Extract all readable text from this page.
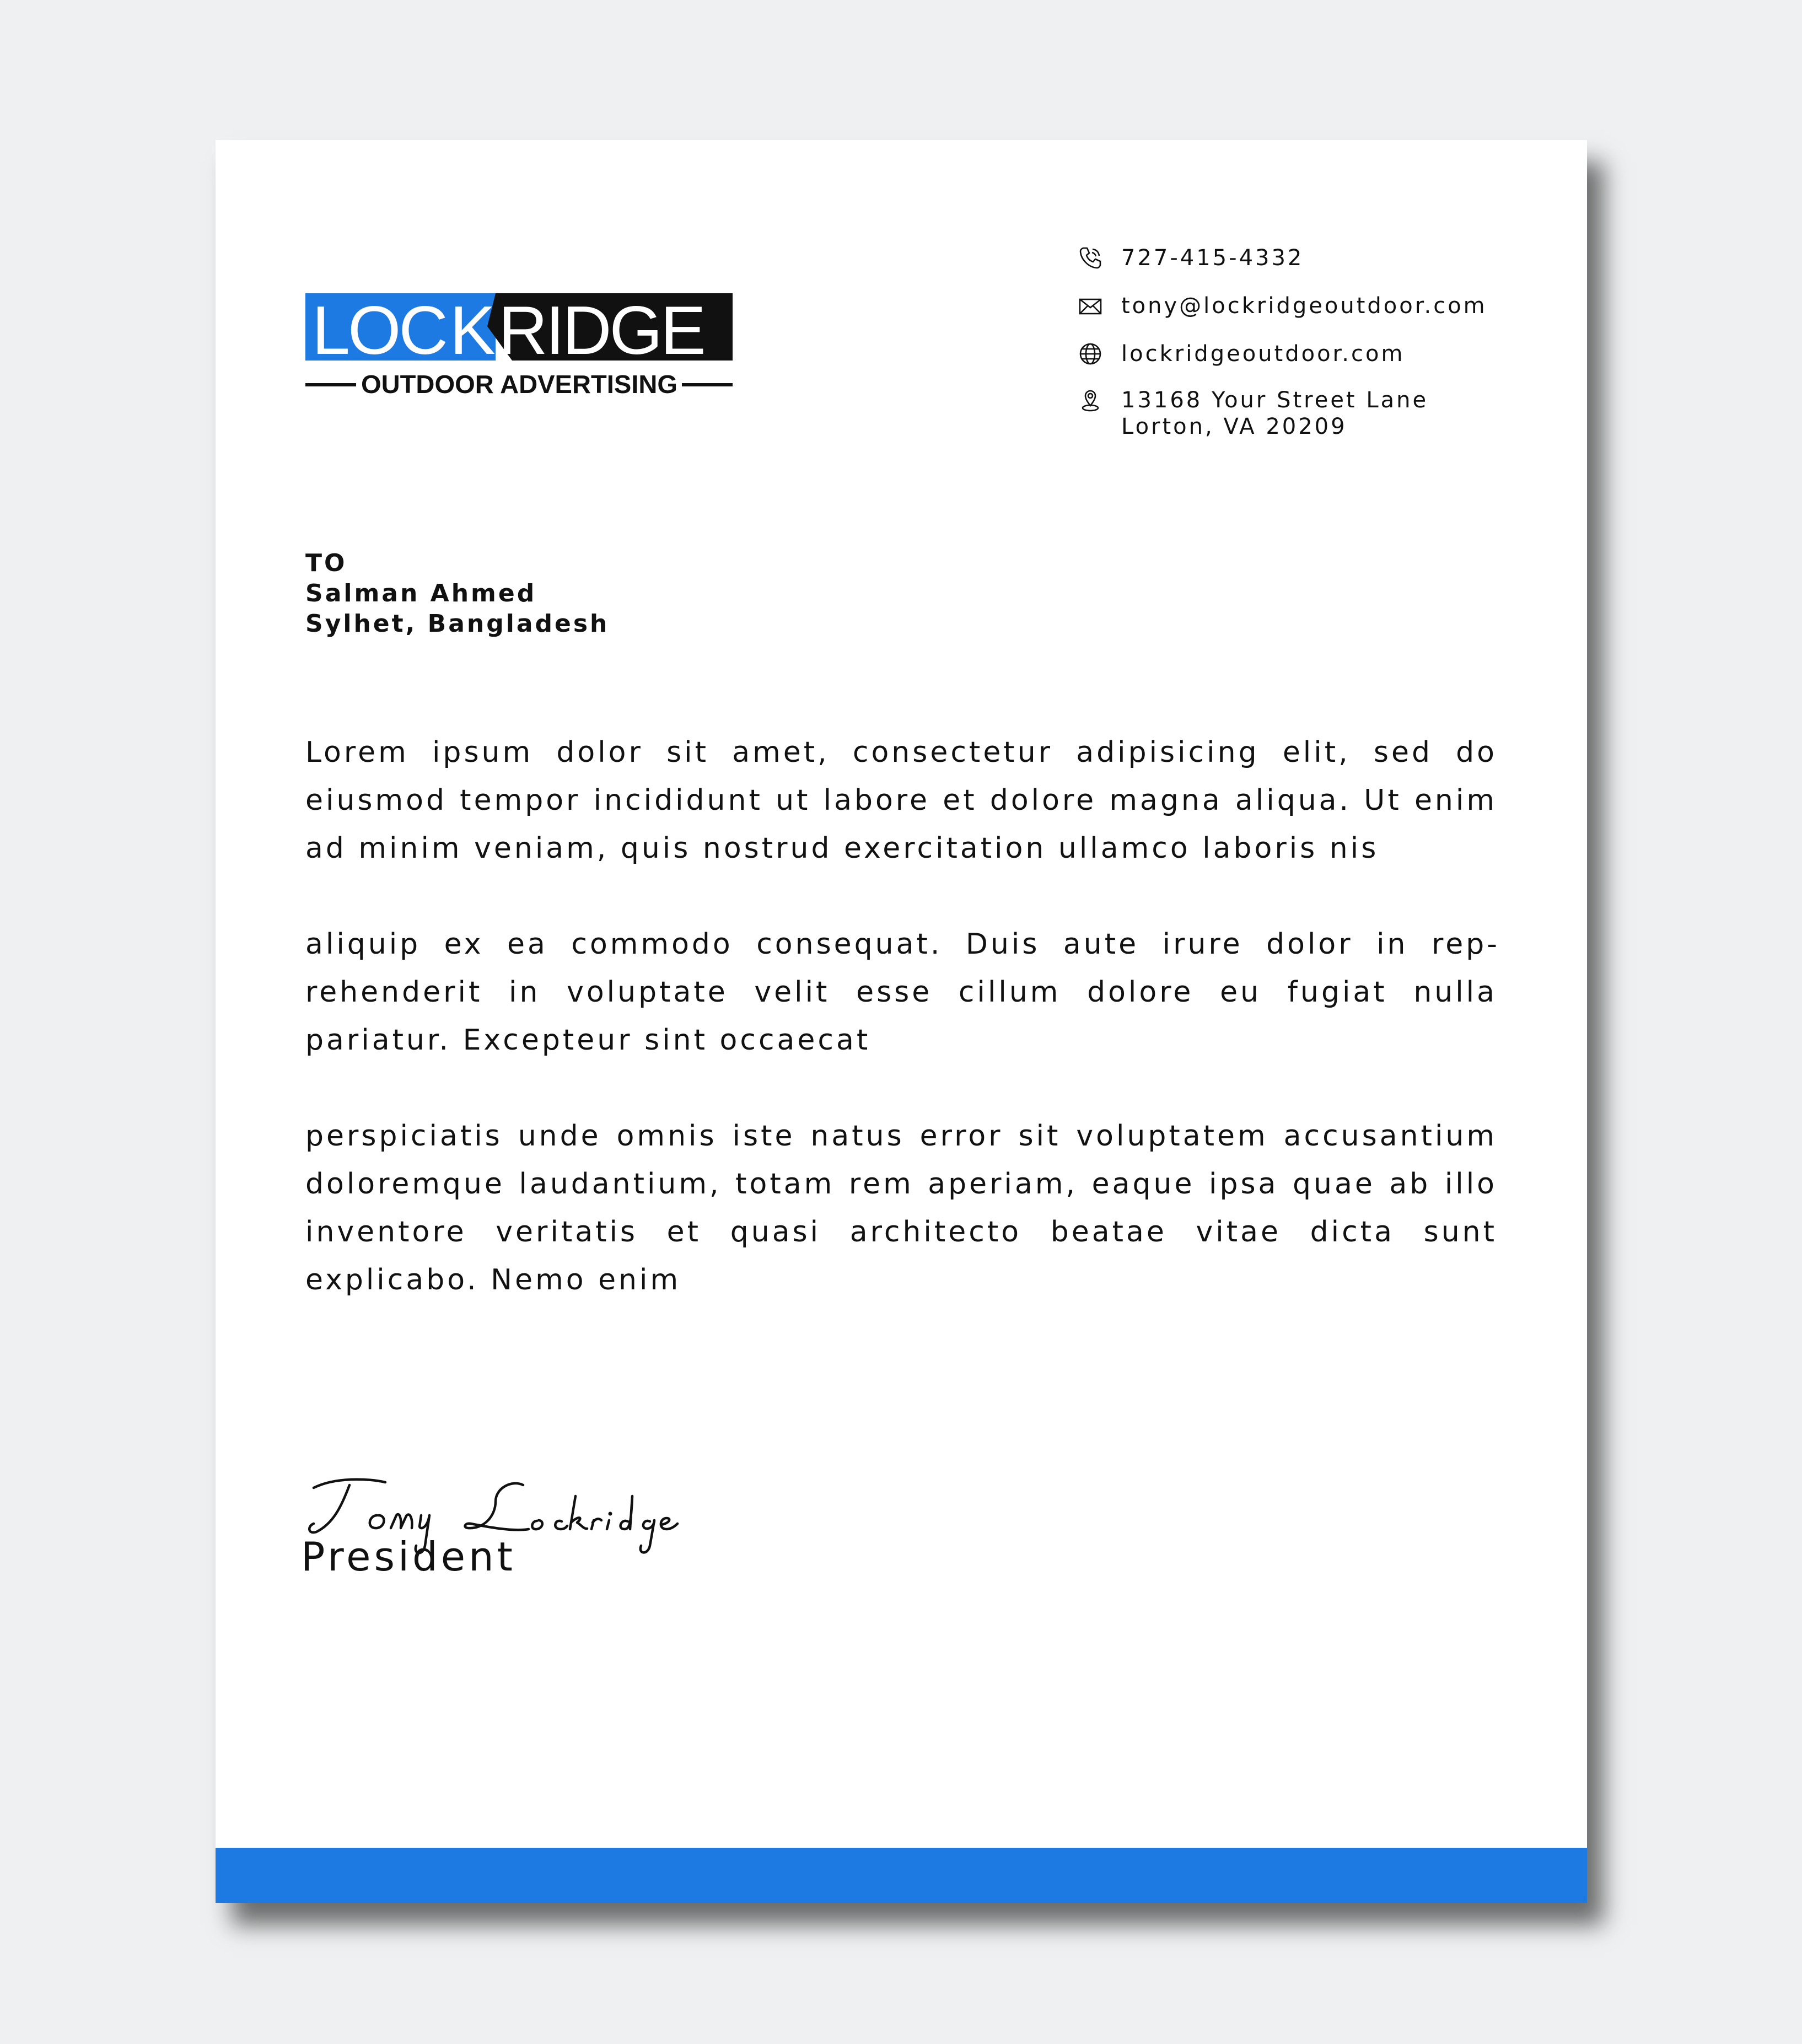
LOC K RIDGE
OUTDOOR ADVERTISING
727-415-4332
tony@lockridgeoutdoor.com
lockridgeoutdoor.com
13168 Your Street Lane
Lorton, VA 20209
TO
Salman Ahmed
Sylhet, Bangladesh

Lorem ipsum dolor sit amet, consectetur adipisicing elit, sed do eiusmod tempor incididunt ut labore et dolore magna aliqua. Ut enim ad minim veniam, quis nostrud exercitation ullamco laboris nis

aliquip ex ea commodo consequat. Duis aute irure dolor in reprehenderit in voluptate velit esse cillum dolore eu fugiat nulla pariatur. Excepteur sint occaecat

perspiciatis unde omnis iste natus error sit voluptatem accusantium doloremque laudantium, totam rem aperiam, eaque ipsa quae ab illo inventore veritatis et quasi architecto beatae vitae dicta sunt explicabo. Nemo enim

President
